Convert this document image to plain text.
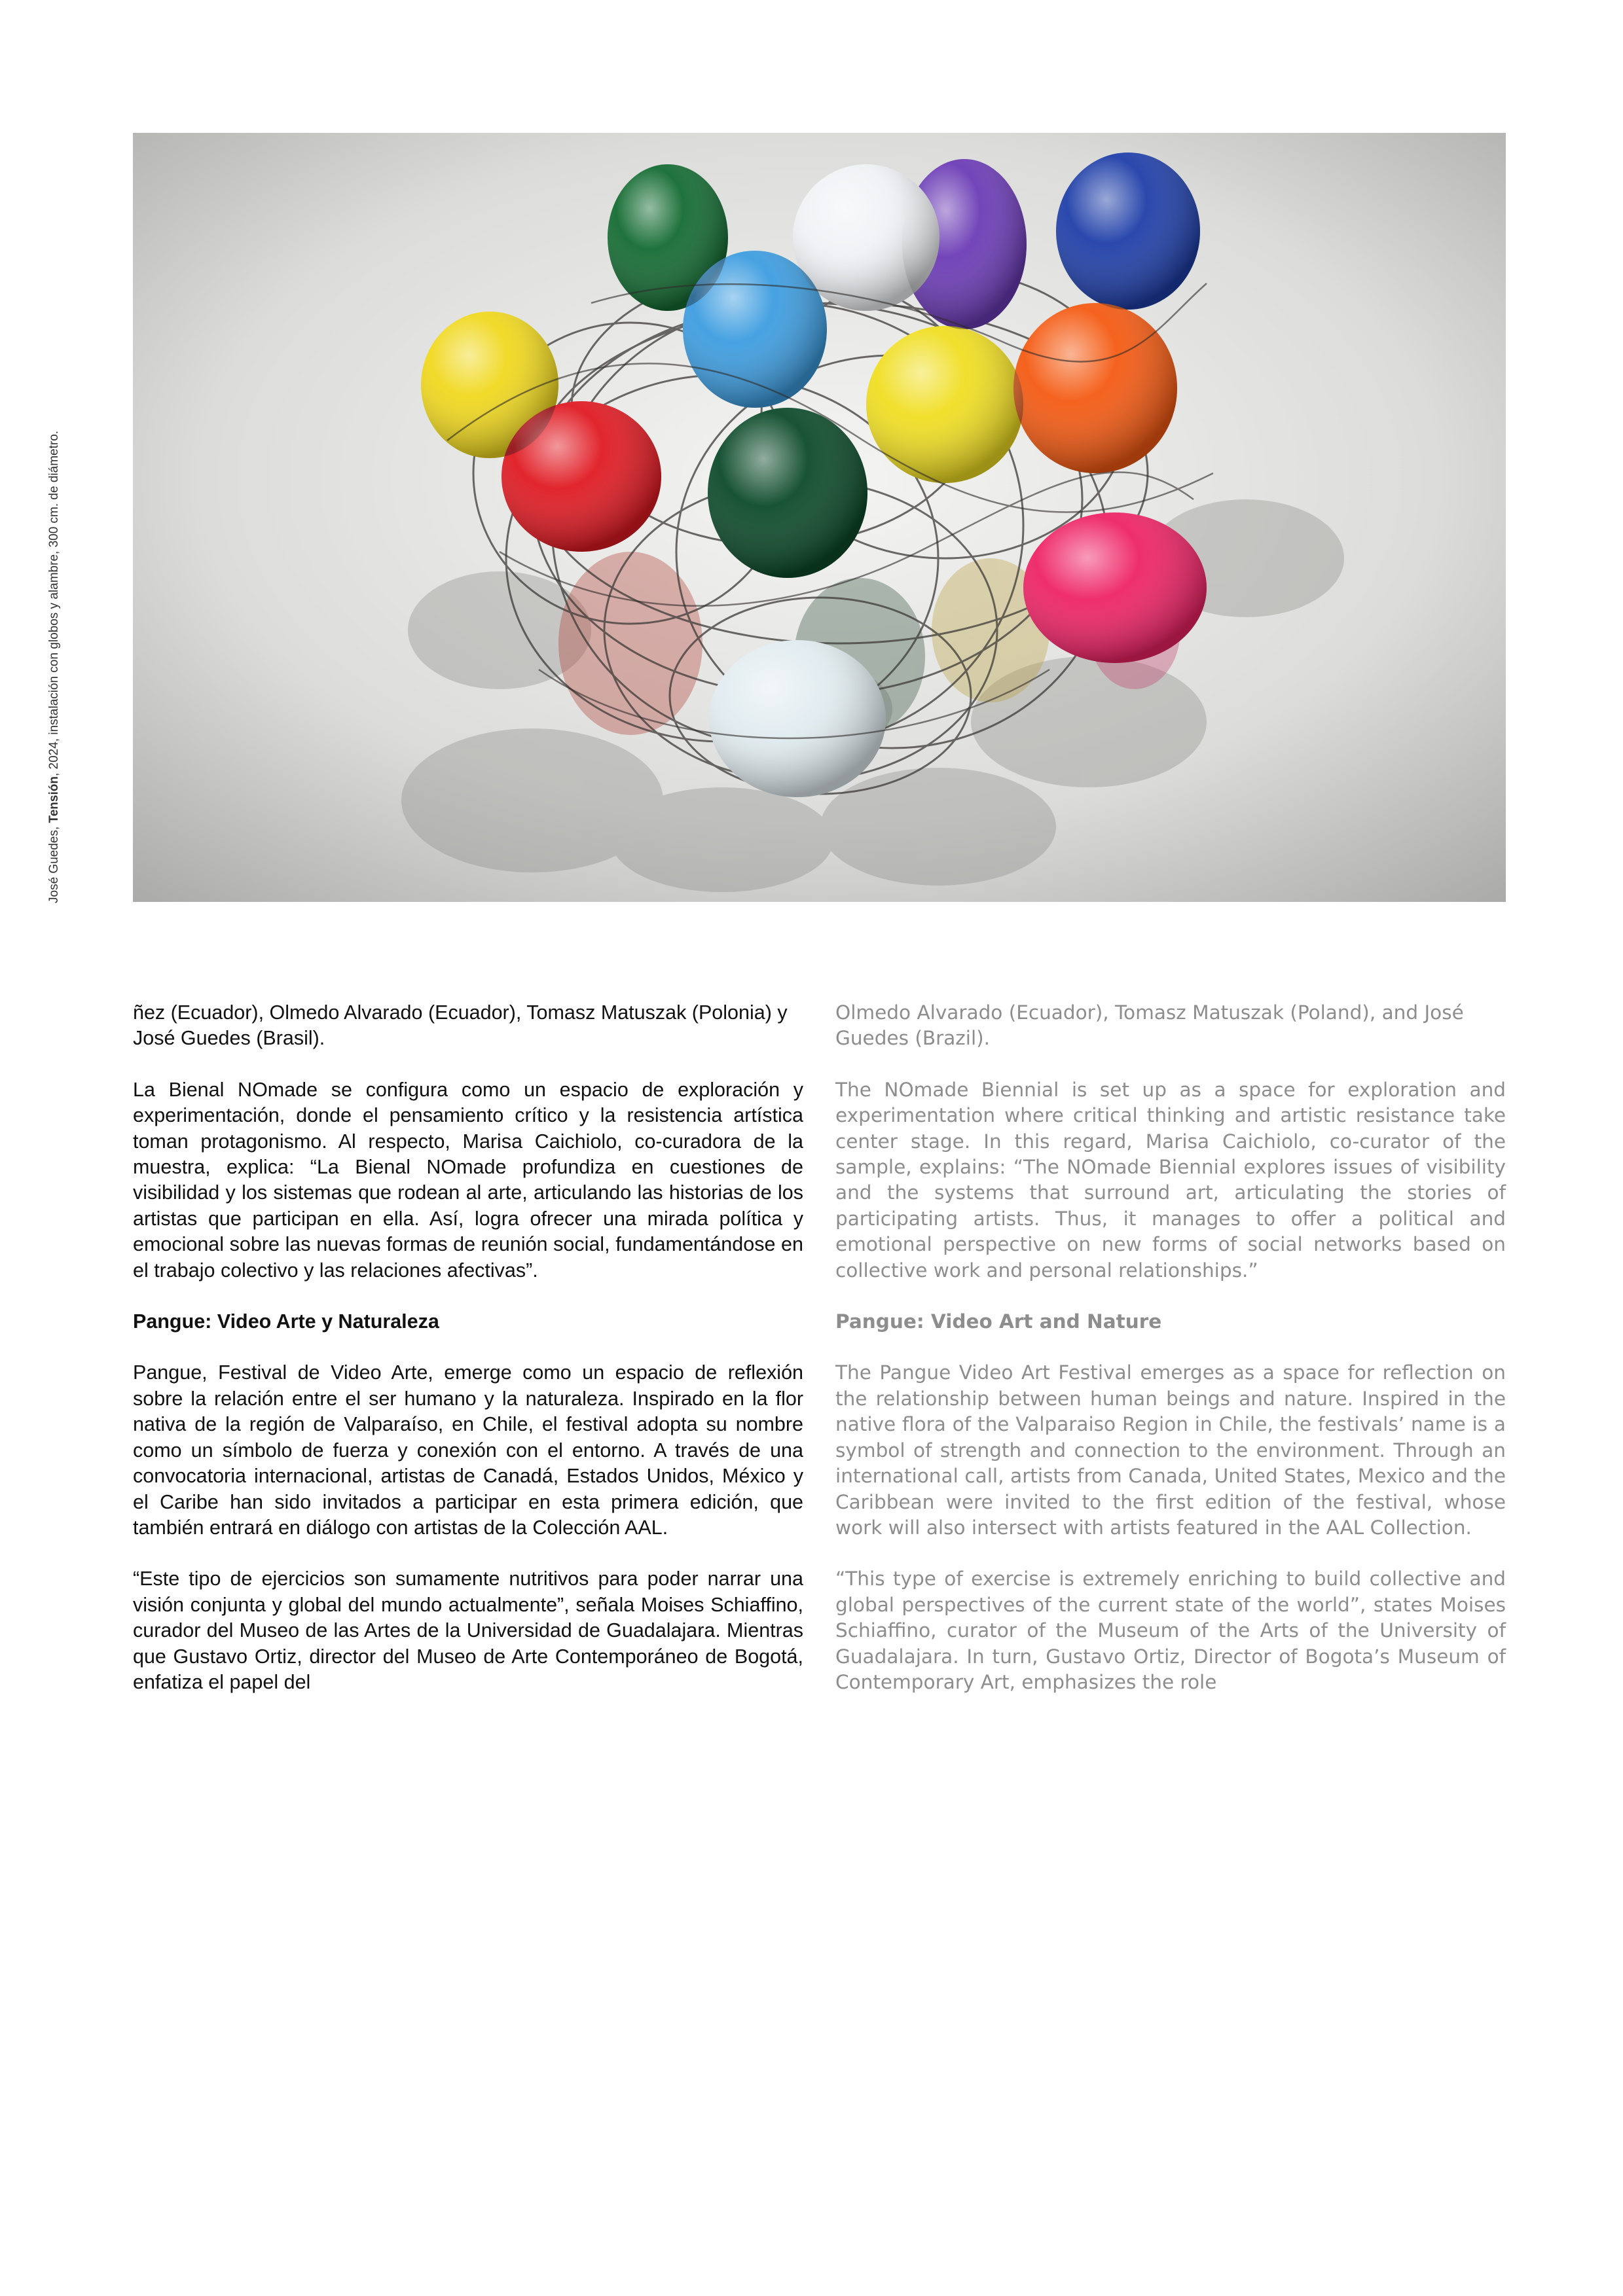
José Guedes, Tensión, 2024, instalación con globos y alambre, 300 cm. de diámetro.

ñez (Ecuador), Olmedo Alvarado (Ecuador), Tomasz Matuszak (Polonia) y José Guedes (Brasil).

La Bienal NOmade se configura como un espacio de exploración y experimentación, donde el pensamiento crítico y la resistencia artística toman protagonismo. Al respecto, Marisa Caichiolo, co-curadora de la muestra, explica: “La Bienal NOmade profundiza en cuestiones de visibilidad y los sistemas que rodean al arte, articulando las historias de los artistas que participan en ella. Así, logra ofrecer una mirada política y emocional sobre las nuevas formas de reunión social, fundamentándose en el trabajo colectivo y las relaciones afectivas”.

Pangue: Video Arte y Naturaleza

Pangue, Festival de Video Arte, emerge como un espacio de reflexión sobre la relación entre el ser humano y la naturaleza. Inspirado en la flor nativa de la región de Valparaíso, en Chile, el festival adopta su nombre como un símbolo de fuerza y conexión con el entorno. A través de una convocatoria internacional, artistas de Canadá, Estados Unidos, México y el Caribe han sido invitados a participar en esta primera edición, que también entrará en diálogo con artistas de la Colección AAL.

“Este tipo de ejercicios son sumamente nutritivos para poder narrar una visión conjunta y global del mundo actualmente”, señala Moises Schiaffino, curador del Museo de las Artes de la Universidad de Guadalajara. Mientras que Gustavo Ortiz, director del Museo de Arte Contemporáneo de Bogotá, enfatiza el papel del

Olmedo Alvarado (Ecuador), Tomasz Matuszak (Poland), and José Guedes (Brazil).

The NOmade Biennial is set up as a space for exploration and experimentation where critical thinking and artistic resistance take center stage. In this regard, Marisa Caichiolo, co-curator of the sample, explains: “The NOmade Biennial explores issues of visibility and the systems that surround art, articulating the stories of participating artists. Thus, it manages to offer a political and emotional perspective on new forms of social networks based on collective work and personal relationships.”

Pangue: Video Art and Nature

The Pangue Video Art Festival emerges as a space for reflection on the relationship between human beings and nature. Inspired in the native flora of the Valparaiso Region in Chile, the festivals’ name is a symbol of strength and connection to the environment. Through an international call, artists from Canada, United States, Mexico and the Caribbean were invited to the first edition of the festival, whose work will also intersect with artists featured in the AAL Collection.

“This type of exercise is extremely enriching to build collective and global perspectives of the current state of the world”, states Moises Schiaffino, curator of the Museum of the Arts of the University of Guadalajara. In turn, Gustavo Ortiz, Director of Bogota’s Museum of Contemporary Art, emphasizes the role
